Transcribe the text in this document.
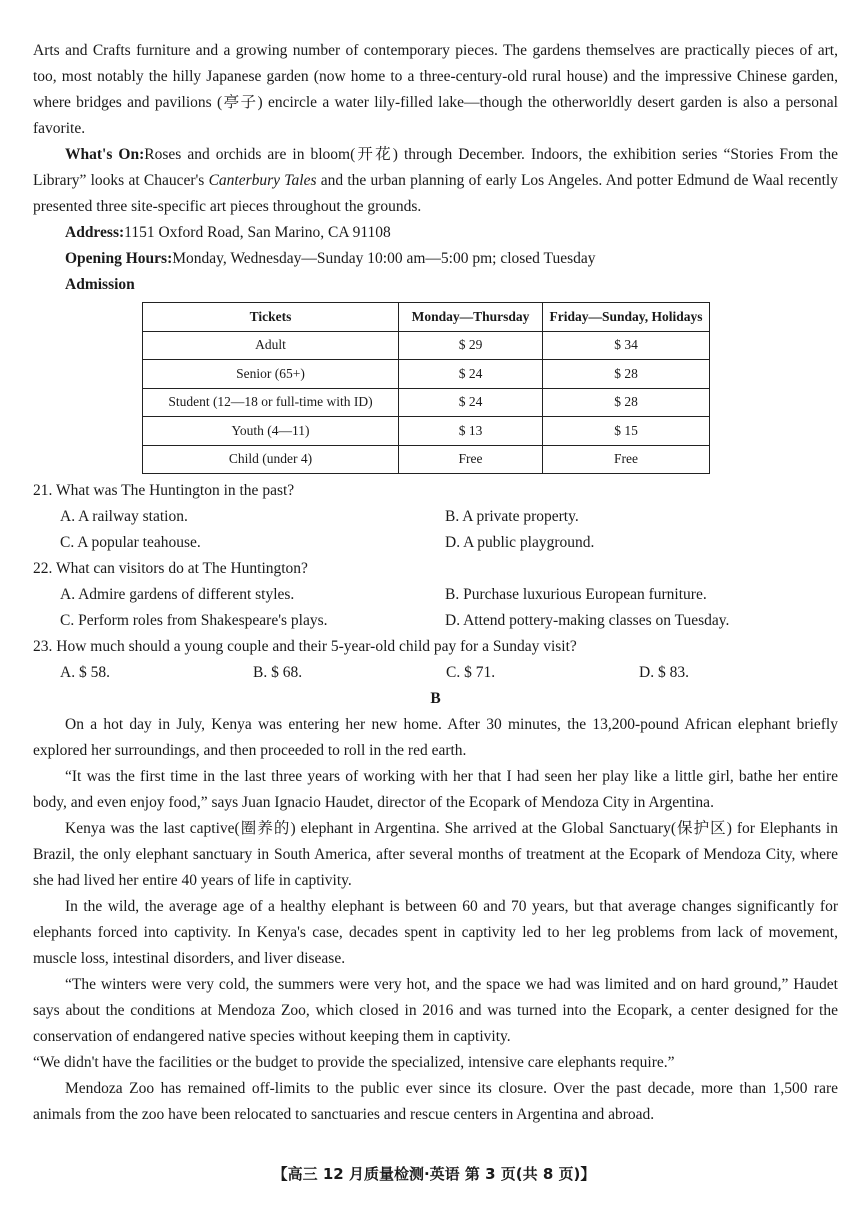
Arts and Crafts furniture and a growing number of contemporary pieces. The gardens themselves are practically pieces of art, too, most notably the hilly Japanese garden (now home to a three-century-old rural house) and the impressive Chinese garden, where bridges and pavilions (亭子) encircle a water lily-filled lake—though the otherworldly desert garden is also a personal favorite.

What's On:Roses and orchids are in bloom(开花) through December. Indoors, the exhibition series “Stories From the Library” looks at Chaucer's Canterbury Tales and the urban planning of early Los Angeles. And potter Edmund de Waal recently presented three site-specific art pieces throughout the grounds.

Address:1151 Oxford Road, San Marino, CA 91108
Opening Hours:Monday, Wednesday—Sunday 10:00 am—5:00 pm; closed Tuesday
Admission
Tickets	Monday—Thursday	Friday—Sunday, Holidays
Adult	$ 29	$ 34
Senior (65+)	$ 24	$ 28
Student (12—18 or full-time with ID)	$ 24	$ 28
Youth (4—11)	$ 13	$ 15
Child (under 4)	Free	Free
21. What was The Huntington in the past?
A. A railway station.	B. A private property.
C. A popular teahouse.	D. A public playground.
22. What can visitors do at The Huntington?
A. Admire gardens of different styles.	B. Purchase luxurious European furniture.
C. Perform roles from Shakespeare's plays.	D. Attend pottery-making classes on Tuesday.
23. How much should a young couple and their 5-year-old child pay for a Sunday visit?
A. $ 58.	B. $ 68.	C. $ 71.	D. $ 83.
B

On a hot day in July, Kenya was entering her new home. After 30 minutes, the 13,200-pound African elephant briefly explored her surroundings, and then proceeded to roll in the red earth.

“It was the first time in the last three years of working with her that I had seen her play like a little girl, bathe her entire body, and even enjoy food,” says Juan Ignacio Haudet, director of the Ecopark of Mendoza City in Argentina.

Kenya was the last captive(圈养的) elephant in Argentina. She arrived at the Global Sanctuary(保护区) for Elephants in Brazil, the only elephant sanctuary in South America, after several months of treatment at the Ecopark of Mendoza City, where she had lived her entire 40 years of life in captivity.

In the wild, the average age of a healthy elephant is between 60 and 70 years, but that average changes significantly for elephants forced into captivity. In Kenya's case, decades spent in captivity led to her leg problems from lack of movement, muscle loss, intestinal disorders, and liver disease.

“The winters were very cold, the summers were very hot, and the space we had was limited and on hard ground,” Haudet says about the conditions at Mendoza Zoo, which closed in 2016 and was turned into the Ecopark, a center designed for the conservation of endangered native species without keeping them in captivity.

“We didn't have the facilities or the budget to provide the specialized, intensive care elephants require.”

Mendoza Zoo has remained off-limits to the public ever since its closure. Over the past decade, more than 1,500 rare animals from the zoo have been relocated to sanctuaries and rescue centers in Argentina and abroad.

【高三 12 月质量检测·英语 第 3 页(共 8 页)】
